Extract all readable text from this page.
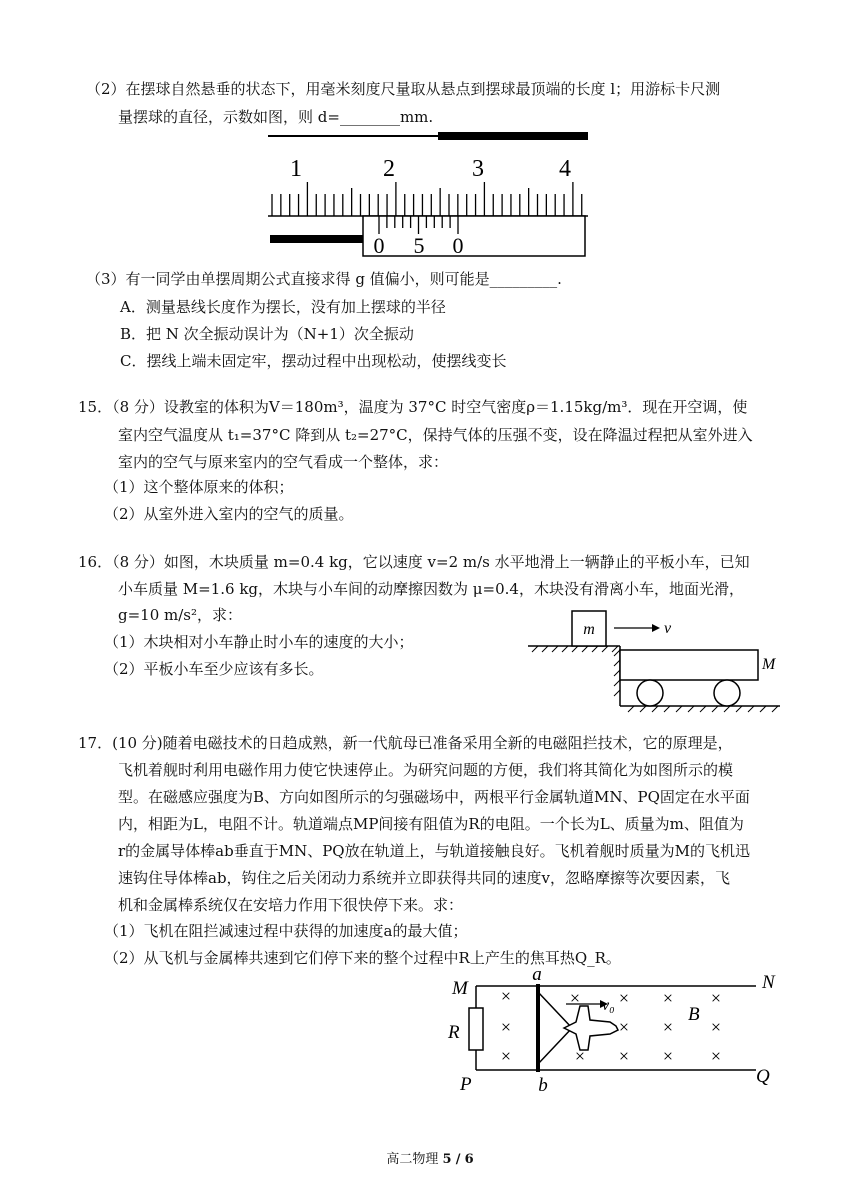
（2）在摆球自然悬垂的状态下，用毫米刻度尺量取从悬点到摆球最顶端的长度 l；用游标卡尺测
量摆球的直径，示数如图，则 d=________mm.
1	2	3	4
0 5 0
（3）有一同学由单摆周期公式直接求得 g 值偏小，则可能是_________.
A．测量悬线长度作为摆长，没有加上摆球的半径
B．把 N 次全振动误计为（N+1）次全振动
C．摆线上端未固定牢，摆动过程中出现松动，使摆线变长
15．（8 分）设教室的体积为V＝180m³，温度为 37°C 时空气密度ρ＝1.15kg/m³．现在开空调，使
室内空气温度从 t₁=37°C 降到从 t₂=27°C，保持气体的压强不变，设在降温过程把从室外进入
室内的空气与原来室内的空气看成一个整体，求：
（1）这个整体原来的体积；
（2）从室外进入室内的空气的质量。
16．（8 分）如图，木块质量 m=0.4 kg，它以速度 v=2 m/s 水平地滑上一辆静止的平板小车，已知
小车质量 M=1.6 kg，木块与小车间的动摩擦因数为 μ=0.4，木块没有滑离小车，地面光滑，
g=10 m/s²，求：
（1）木块相对小车静止时小车的速度的大小；
（2）平板小车至少应该有多长。
m	v
M
17．(10 分)随着电磁技术的日趋成熟，新一代航母已准备采用全新的电磁阻拦技术，它的原理是，
飞机着舰时利用电磁作用力使它快速停止。为研究问题的方便，我们将其简化为如图所示的模
型。在磁感应强度为B、方向如图所示的匀强磁场中，两根平行金属轨道MN、PQ固定在水平面
内，相距为L，电阻不计。轨道端点MP间接有阻值为R的电阻。一个长为L、质量为m、阻值为
r的金属导体棒ab垂直于MN、PQ放在轨道上，与轨道接触良好。飞机着舰时质量为M的飞机迅
速钩住导体棒ab，钩住之后关闭动力系统并立即获得共同的速度v，忽略摩擦等次要因素，飞
机和金属棒系统仅在安培力作用下很快停下来。求：
（1）飞机在阻拦减速过程中获得的加速度a的最大值；
（2）从飞机与金属棒共速到它们停下来的整个过程中R上产生的焦耳热Q_R。
v₀
×
×
×
×
×
×
×
×
×
×
×
×
×
×
M	N
P	Q
R
a
b
B
高二物理 5 / 6
